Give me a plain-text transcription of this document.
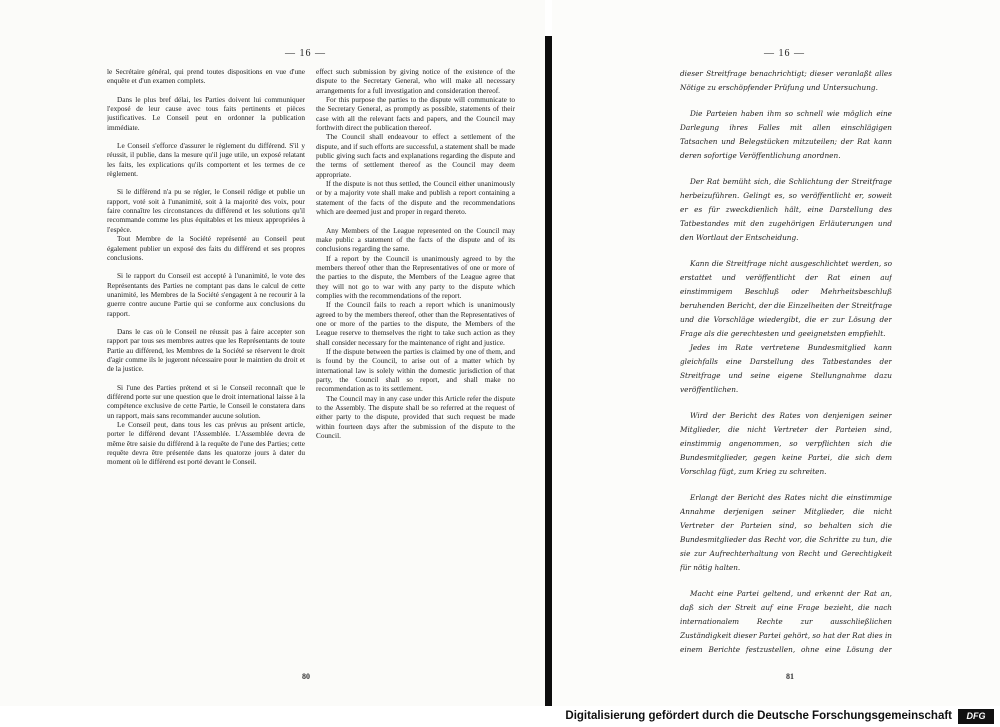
— 16 —

le Secrétaire général, qui prend toutes dispositions en vue d'une enquête et d'un examen complets.

Dans le plus bref délai, les Parties doivent lui communiquer l'exposé de leur cause avec tous faits pertinents et pièces justificatives. Le Conseil peut en ordonner la publication immédiate.

Le Conseil s'efforce d'assurer le règlement du différend. S'il y réussit, il publie, dans la mesure qu'il juge utile, un exposé relatant les faits, les explications qu'ils comportent et les termes de ce règlement.

Si le différend n'a pu se régler, le Conseil rédige et publie un rapport, voté soit à l'unanimité, soit à la majorité des voix, pour faire connaître les circonstances du différend et les solutions qu'il recommande comme les plus équitables et les mieux appropriées à l'espèce.

Tout Membre de la Société représenté au Conseil peut également publier un exposé des faits du différend et ses propres conclusions.

Si le rapport du Conseil est accepté à l'unanimité, le vote des Représentants des Parties ne comptant pas dans le calcul de cette unanimité, les Membres de la Société s'engagent à ne recourir à la guerre contre aucune Partie qui se conforme aux conclusions du rapport.

Dans le cas où le Conseil ne réussit pas à faire accepter son rapport par tous ses membres autres que les Représentants de toute Partie au différend, les Membres de la Société se réservent le droit d'agir comme ils le jugeront nécessaire pour le maintien du droit et de la justice.

Si l'une des Parties prétend et si le Conseil reconnaît que le différend porte sur une question que le droit international laisse à la compétence exclusive de cette Partie, le Conseil le constatera dans un rapport, mais sans recommander aucune solution.

Le Conseil peut, dans tous les cas prévus au présent article, porter le différend devant l'Assemblée. L'Assemblée devra de même être saisie du différend à la requête de l'une des Parties; cette requête devra être présentée dans les quatorze jours à dater du moment où le différend est porté devant le Conseil.

effect such submission by giving notice of the existence of the dispute to the Secretary General, who will make all necessary arrangements for a full investigation and consideration thereof.

For this purpose the parties to the dispute will communicate to the Secretary General, as promptly as possible, statements of their case with all the relevant facts and papers, and the Council may forthwith direct the publication thereof.

The Council shall endeavour to effect a settlement of the dispute, and if such efforts are successful, a statement shall be made public giving such facts and explanations regarding the dispute and the terms of settlement thereof as the Council may deem appropriate.

If the dispute is not thus settled, the Council either unanimously or by a majority vote shall make and publish a report containing a statement of the facts of the dispute and the recommendations which are deemed just and proper in regard thereto.

Any Members of the League represented on the Council may make public a statement of the facts of the dispute and of its conclusions regarding the same.

If a report by the Council is unanimously agreed to by the members thereof other than the Representatives of one or more of the parties to the dispute, the Members of the League agree that they will not go to war with any party to the dispute which complies with the recommendations of the report.

If the Council fails to reach a report which is unanimously agreed to by the members thereof, other than the Representatives of one or more of the parties to the dispute, the Members of the League reserve to themselves the right to take such action as they shall consider necessary for the maintenance of right and justice.

If the dispute between the parties is claimed by one of them, and is found by the Council, to arise out of a matter which by international law is solely within the domestic jurisdiction of that party, the Council shall so report, and shall make no recommendation as to its settlement.

The Council may in any case under this Article refer the dispute to the Assembly. The dispute shall be so referred at the request of either party to the dispute, provided that such request be made within fourteen days after the submission of the dispute to the Council.

80
— 16 —
81

dieser Streitfrage benachrichtigt; dieser veranlaßt alles Nötige zu erschöpfender Prüfung und Untersuchung.

Die Parteien haben ihm so schnell wie möglich eine Darlegung ihres Falles mit allen einschlägigen Tatsachen und Belegstücken mitzuteilen; der Rat kann deren sofortige Veröffentlichung anordnen.

Der Rat bemüht sich, die Schlichtung der Streitfrage herbeizuführen. Gelingt es, so veröffentlicht er, soweit er es für zweckdienlich hält, eine Darstellung des Tatbestandes mit den zugehörigen Erläuterungen und den Wortlaut der Entscheidung.

Kann die Streitfrage nicht ausgeschlichtet werden, so erstattet und veröffentlicht der Rat einen auf einstimmigem Beschluß oder Mehrheitsbeschluß beruhenden Bericht, der die Einzelheiten der Streitfrage und die Vorschläge wiedergibt, die er zur Lösung der Frage als die gerechtesten und geeignetsten empfiehlt.

Jedes im Rate vertretene Bundesmitglied kann gleichfalls eine Darstellung des Tatbestandes der Streitfrage und seine eigene Stellungnahme dazu veröffentlichen.

Wird der Bericht des Rates von denjenigen seiner Mitglieder, die nicht Vertreter der Parteien sind, einstimmig angenommen, so verpflichten sich die Bundesmitglieder, gegen keine Partei, die sich dem Vorschlag fügt, zum Krieg zu schreiten.

Erlangt der Bericht des Rates nicht die einstimmige Annahme derjenigen seiner Mitglieder, die nicht Vertreter der Parteien sind, so behalten sich die Bundesmitglieder das Recht vor, die Schritte zu tun, die sie zur Aufrechterhaltung von Recht und Gerechtigkeit für nötig halten.

Macht eine Partei geltend, und erkennt der Rat an, daß sich der Streit auf eine Frage bezieht, die nach internationalem Rechte zur ausschließlichen Zuständigkeit dieser Partei gehört, so hat der Rat dies in einem Berichte festzustellen, ohne eine Lösung der

Digitalisierung gefördert durch die Deutsche Forschungsgemeinschaft	DFG
